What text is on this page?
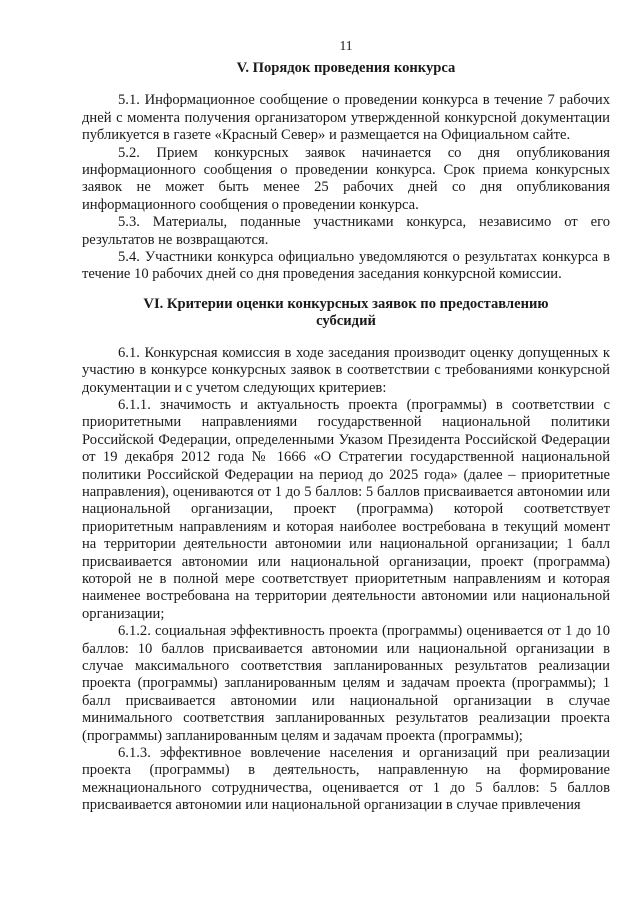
11
V. Порядок проведения конкурса

5.1. Информационное сообщение о проведении конкурса в течение 7 рабочих дней с момента получения организатором утвержденной конкурсной документации публикуется в газете «Красный Север» и размещается на Официальном сайте.

5.2. Прием конкурсных заявок начинается со дня опубликования информационного сообщения о проведении конкурса. Срок приема конкурсных заявок не может быть менее 25 рабочих дней со дня опубликования информационного сообщения о проведении конкурса.

5.3. Материалы, поданные участниками конкурса, независимо от его результатов не возвращаются.

5.4. Участники конкурса официально уведомляются о результатах конкурса в течение 10 рабочих дней со дня проведения заседания конкурсной комиссии.

VI. Критерии оценки конкурсных заявок по предоставлению субсидий

6.1. Конкурсная комиссия в ходе заседания производит оценку допущенных к участию в конкурсе конкурсных заявок в соответствии с требованиями конкурсной документации и с учетом следующих критериев:

6.1.1. значимость и актуальность проекта (программы) в соответствии с приоритетными направлениями государственной национальной политики Российской Федерации, определенными Указом Президента Российской Федерации от 19 декабря 2012 года № 1666 «О Стратегии государственной национальной политики Российской Федерации на период до 2025 года» (далее – приоритетные направления), оцениваются от 1 до 5 баллов: 5 баллов присваивается автономии или национальной организации, проект (программа) которой соответствует приоритетным направлениям и которая наиболее востребована в текущий момент на территории деятельности автономии или национальной организации; 1 балл присваивается автономии или национальной организации, проект (программа) которой не в полной мере соответствует приоритетным направлениям и которая наименее востребована на территории деятельности автономии или национальной организации;

6.1.2. социальная эффективность проекта (программы) оценивается от 1 до 10 баллов: 10 баллов присваивается автономии или национальной организации в случае максимального соответствия запланированных результатов реализации проекта (программы) запланированным целям и задачам проекта (программы); 1 балл присваивается автономии или национальной организации в случае минимального соответствия запланированных результатов реализации проекта (программы) запланированным целям и задачам проекта (программы);

6.1.3. эффективное вовлечение населения и организаций при реализации проекта (программы) в деятельность, направленную на формирование межнационального сотрудничества, оценивается от 1 до 5 баллов: 5 баллов присваивается автономии или национальной организации в случае привлечения
